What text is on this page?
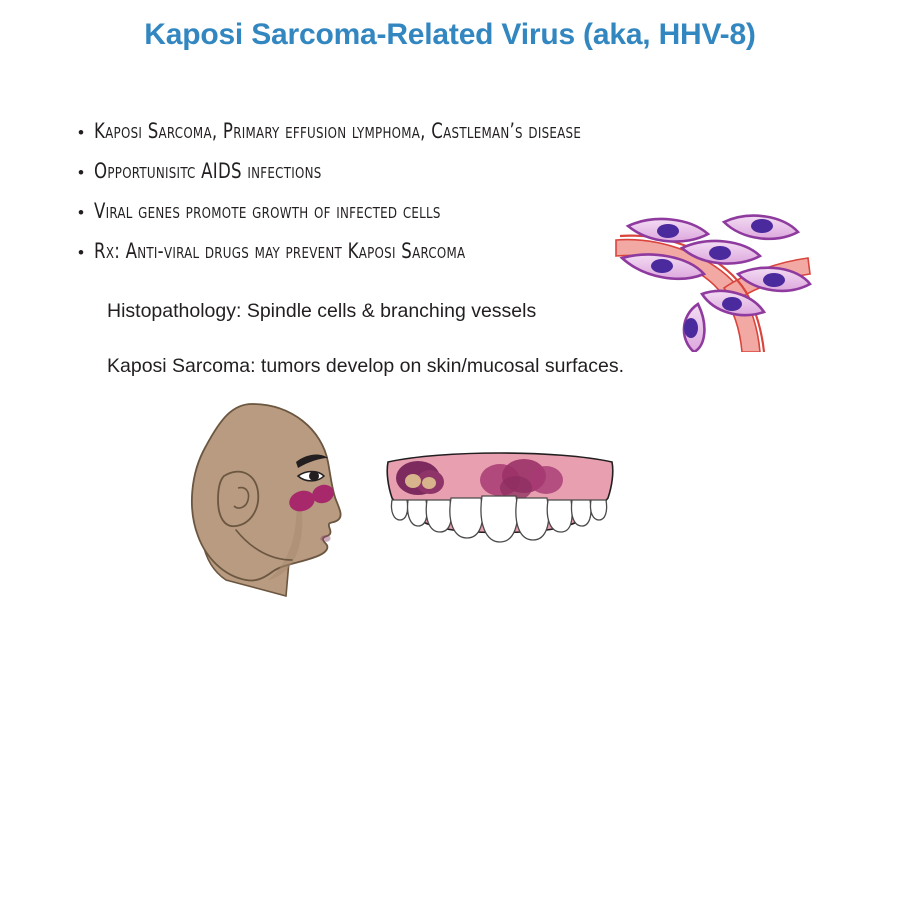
Kaposi Sarcoma-Related Virus (aka, HHV-8)
• Kaposi Sarcoma, Primary effusion lymphoma, Castleman’s disease
• Opportunisitc AIDS infections
• Viral genes promote growth of infected cells
• Rx: Anti-viral drugs may prevent Kaposi Sarcoma
Histopathology: Spindle cells & branching vessels
Kaposi Sarcoma: tumors develop on skin/mucosal surfaces.
